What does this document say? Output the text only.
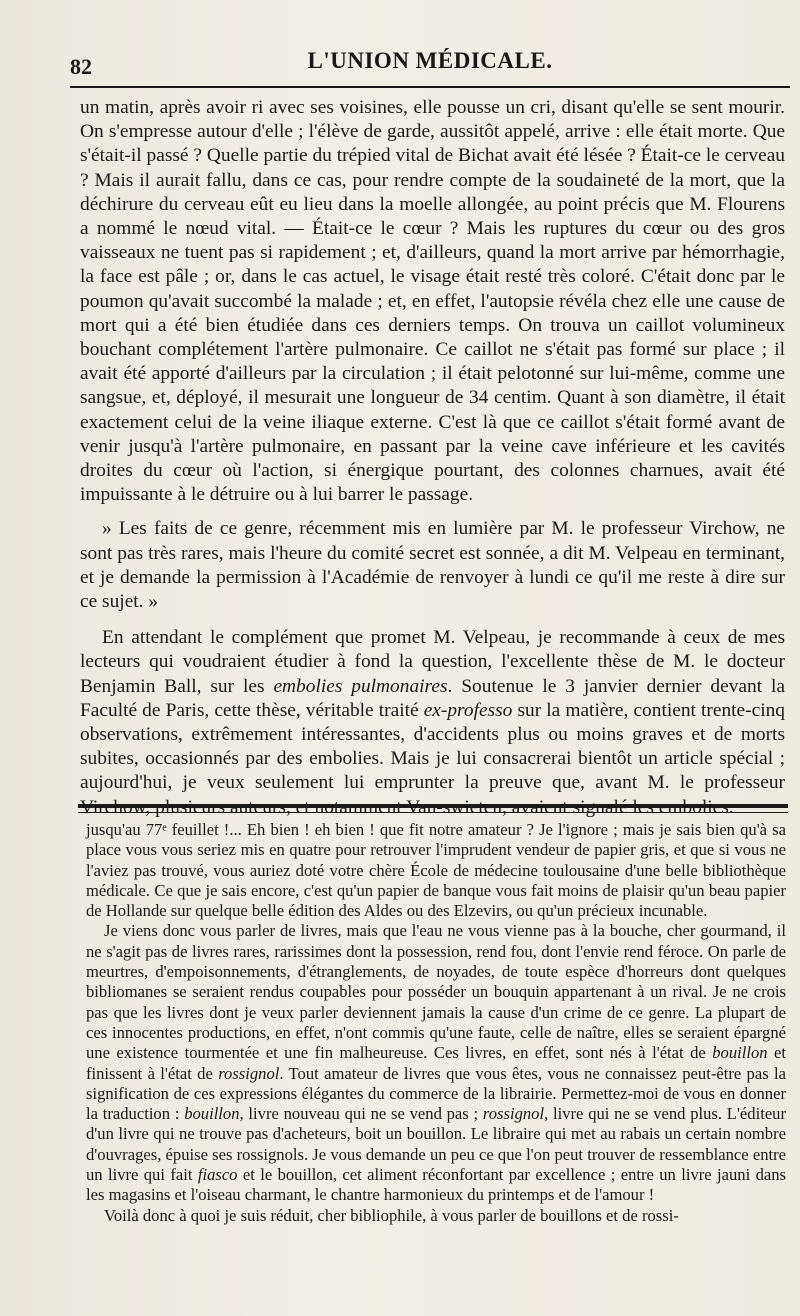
82	L'UNION MÉDICALE.

un matin, après avoir ri avec ses voisines, elle pousse un cri, disant qu'elle se sent mourir. On s'empresse autour d'elle ; l'élève de garde, aussitôt appelé, arrive : elle était morte. Que s'était-il passé ? Quelle partie du trépied vital de Bichat avait été lésée ? Était-ce le cerveau ? Mais il aurait fallu, dans ce cas, pour rendre compte de la soudaineté de la mort, que la déchirure du cerveau eût eu lieu dans la moelle allongée, au point précis que M. Flourens a nommé le nœud vital. — Était-ce le cœur ? Mais les ruptures du cœur ou des gros vaisseaux ne tuent pas si rapidement ; et, d'ailleurs, quand la mort arrive par hémorrhagie, la face est pâle ; or, dans le cas actuel, le visage était resté très coloré. C'était donc par le poumon qu'avait succombé la malade ; et, en effet, l'autopsie révéla chez elle une cause de mort qui a été bien étudiée dans ces derniers temps. On trouva un caillot volumineux bouchant complétement l'artère pulmonaire. Ce caillot ne s'était pas formé sur place ; il avait été apporté d'ailleurs par la circulation ; il était pelotonné sur lui-même, comme une sangsue, et, déployé, il mesurait une longueur de 34 centim. Quant à son diamètre, il était exactement celui de la veine iliaque externe. C'est là que ce caillot s'était formé avant de venir jusqu'à l'artère pulmonaire, en passant par la veine cave inférieure et les cavités droites du cœur où l'action, si énergique pourtant, des colonnes charnues, avait été impuissante à le détruire ou à lui barrer le passage.

» Les faits de ce genre, récemment mis en lumière par M. le professeur Virchow, ne sont pas très rares, mais l'heure du comité secret est sonnée, a dit M. Velpeau en terminant, et je demande la permission à l'Académie de renvoyer à lundi ce qu'il me reste à dire sur ce sujet. »

En attendant le complément que promet M. Velpeau, je recommande à ceux de mes lecteurs qui voudraient étudier à fond la question, l'excellente thèse de M. le docteur Benjamin Ball, sur les embolies pulmonaires. Soutenue le 3 janvier dernier devant la Faculté de Paris, cette thèse, véritable traité ex-professo sur la matière, contient trente-cinq observations, extrêmement intéressantes, d'accidents plus ou moins graves et de morts subites, occasionnés par des embolies. Mais je lui consacrerai bientôt un article spécial ; aujourd'hui, je veux seulement lui emprunter la preuve que, avant M. le professeur Virchow, plusieurs auteurs, et notamment Van-swieten, avaient signalé les embolies.

jusqu'au 77ᵉ feuillet !... Eh bien ! eh bien ! que fit notre amateur ? Je l'ignore ; mais je sais bien qu'à sa place vous vous seriez mis en quatre pour retrouver l'imprudent vendeur de papier gris, et que si vous ne l'aviez pas trouvé, vous auriez doté votre chère École de médecine toulousaine d'une belle bibliothèque médicale. Ce que je sais encore, c'est qu'un papier de banque vous fait moins de plaisir qu'un beau papier de Hollande sur quelque belle édition des Aldes ou des Elzevirs, ou qu'un précieux incunable.

Je viens donc vous parler de livres, mais que l'eau ne vous vienne pas à la bouche, cher gourmand, il ne s'agit pas de livres rares, rarissimes dont la possession, rend fou, dont l'envie rend féroce. On parle de meurtres, d'empoisonnements, d'étranglements, de noyades, de toute espèce d'horreurs dont quelques bibliomanes se seraient rendus coupables pour posséder un bouquin appartenant à un rival. Je ne crois pas que les livres dont je veux parler deviennent jamais la cause d'un crime de ce genre. La plupart de ces innocentes productions, en effet, n'ont commis qu'une faute, celle de naître, elles se seraient épargné une existence tourmentée et une fin malheureuse. Ces livres, en effet, sont nés à l'état de bouillon et finissent à l'état de rossignol. Tout amateur de livres que vous êtes, vous ne connaissez peut-être pas la signification de ces expressions élégantes du commerce de la librairie. Permettez-moi de vous en donner la traduction : bouillon, livre nouveau qui ne se vend pas ; rossignol, livre qui ne se vend plus. L'éditeur d'un livre qui ne trouve pas d'acheteurs, boit un bouillon. Le libraire qui met au rabais un certain nombre d'ouvrages, épuise ses rossignols. Je vous demande un peu ce que l'on peut trouver de ressemblance entre un livre qui fait fiasco et le bouillon, cet aliment réconfortant par excellence ; entre un livre jauni dans les magasins et l'oiseau charmant, le chantre harmonieux du printemps et de l'amour !

Voilà donc à quoi je suis réduit, cher bibliophile, à vous parler de bouillons et de rossi-
